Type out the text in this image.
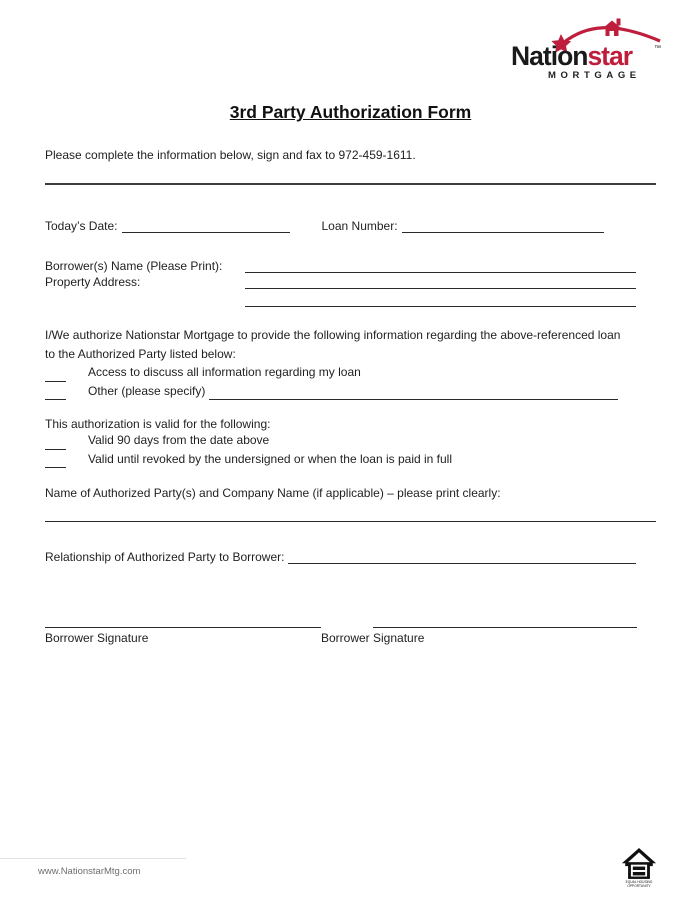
Nationstar	™
MORTGAGE
3rd Party Authorization Form
Please complete the information below, sign and fax to 972-459-1611.
Today’s Date:	Loan Number:
Borrower(s) Name (Please Print):
Property Address:
I/We authorize Nationstar Mortgage to provide the following information regarding the above-referenced loan to the Authorized Party listed below:
Access to discuss all information regarding my loan
Other (please specify)
This authorization is valid for the following:
Valid 90 days from the date above
Valid until revoked by the undersigned or when the loan is paid in full
Name of Authorized Party(s) and Company Name (if applicable) – please print clearly:
Relationship of Authorized Party to Borrower:
Borrower Signature	Borrower Signature
www.NationstarMtg.com
EQUAL HOUSING
OPPORTUNITY
